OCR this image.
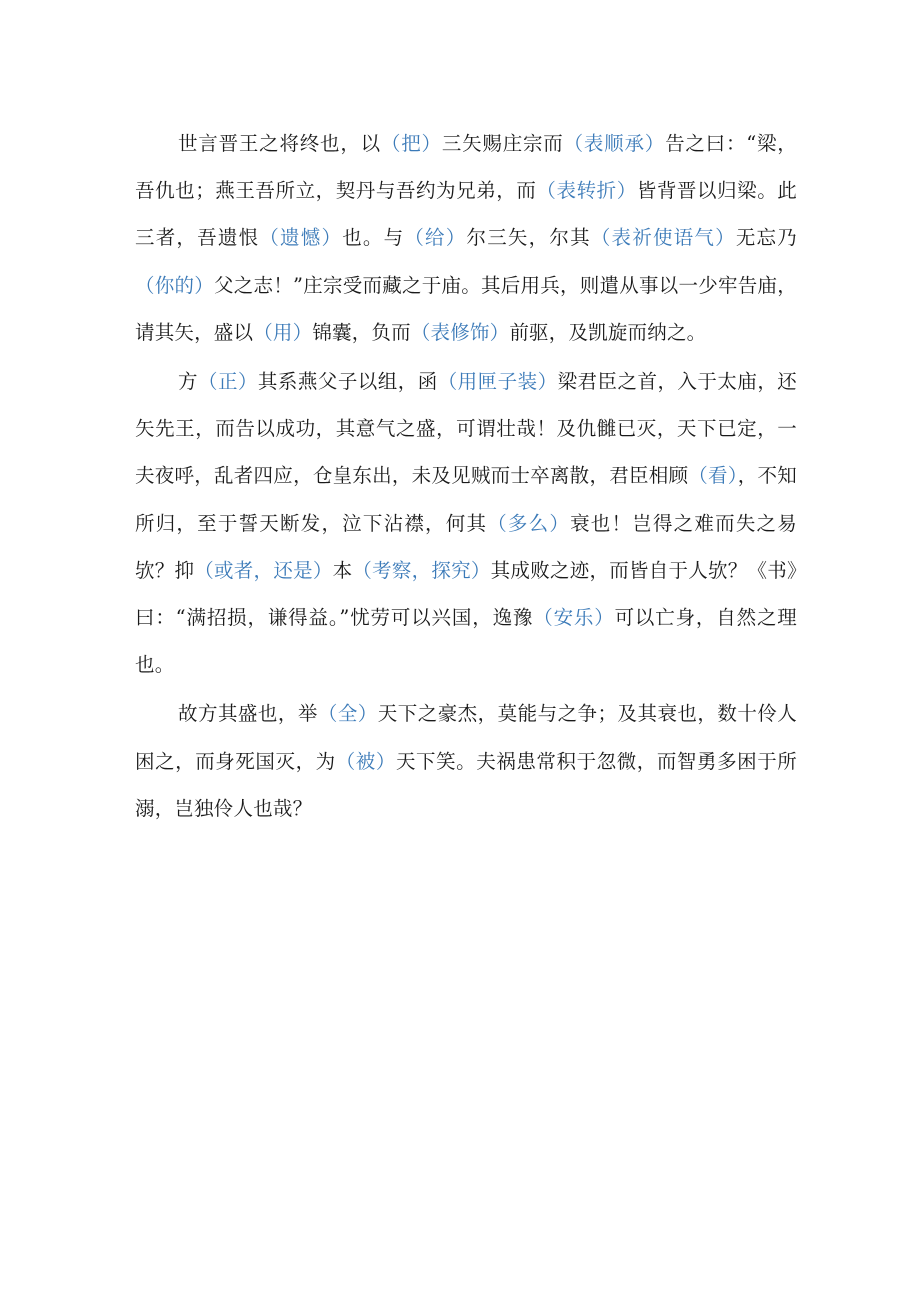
世言晋王之将终也，以（把）三矢赐庄宗而（表顺承）告之曰：“梁，吾仇也；燕王吾所立，契丹与吾约为兄弟，而（表转折）皆背晋以归梁。此三者，吾遗恨（遗憾）也。与（给）尔三矢，尔其（表祈使语气）无忘乃（你的）父之志！”庄宗受而藏之于庙。其后用兵，则遣从事以一少牢告庙，请其矢，盛以（用）锦囊，负而（表修饰）前驱，及凯旋而纳之。

方（正）其系燕父子以组，函（用匣子装）梁君臣之首，入于太庙，还矢先王，而告以成功，其意气之盛，可谓壮哉！及仇雠已灭，天下已定，一夫夜呼，乱者四应，仓皇东出，未及见贼而士卒离散，君臣相顾（看），不知所归，至于誓天断发，泣下沾襟，何其（多么）衰也！岂得之难而失之易欤？抑（或者，还是）本（考察，探究）其成败之迹，而皆自于人欤？《书》曰：“满招损，谦得益。”忧劳可以兴国，逸豫（安乐）可以亡身，自然之理也。

故方其盛也，举（全）天下之豪杰，莫能与之争；及其衰也，数十伶人困之，而身死国灭，为（被）天下笑。夫祸患常积于忽微，而智勇多困于所溺，岂独伶人也哉？
